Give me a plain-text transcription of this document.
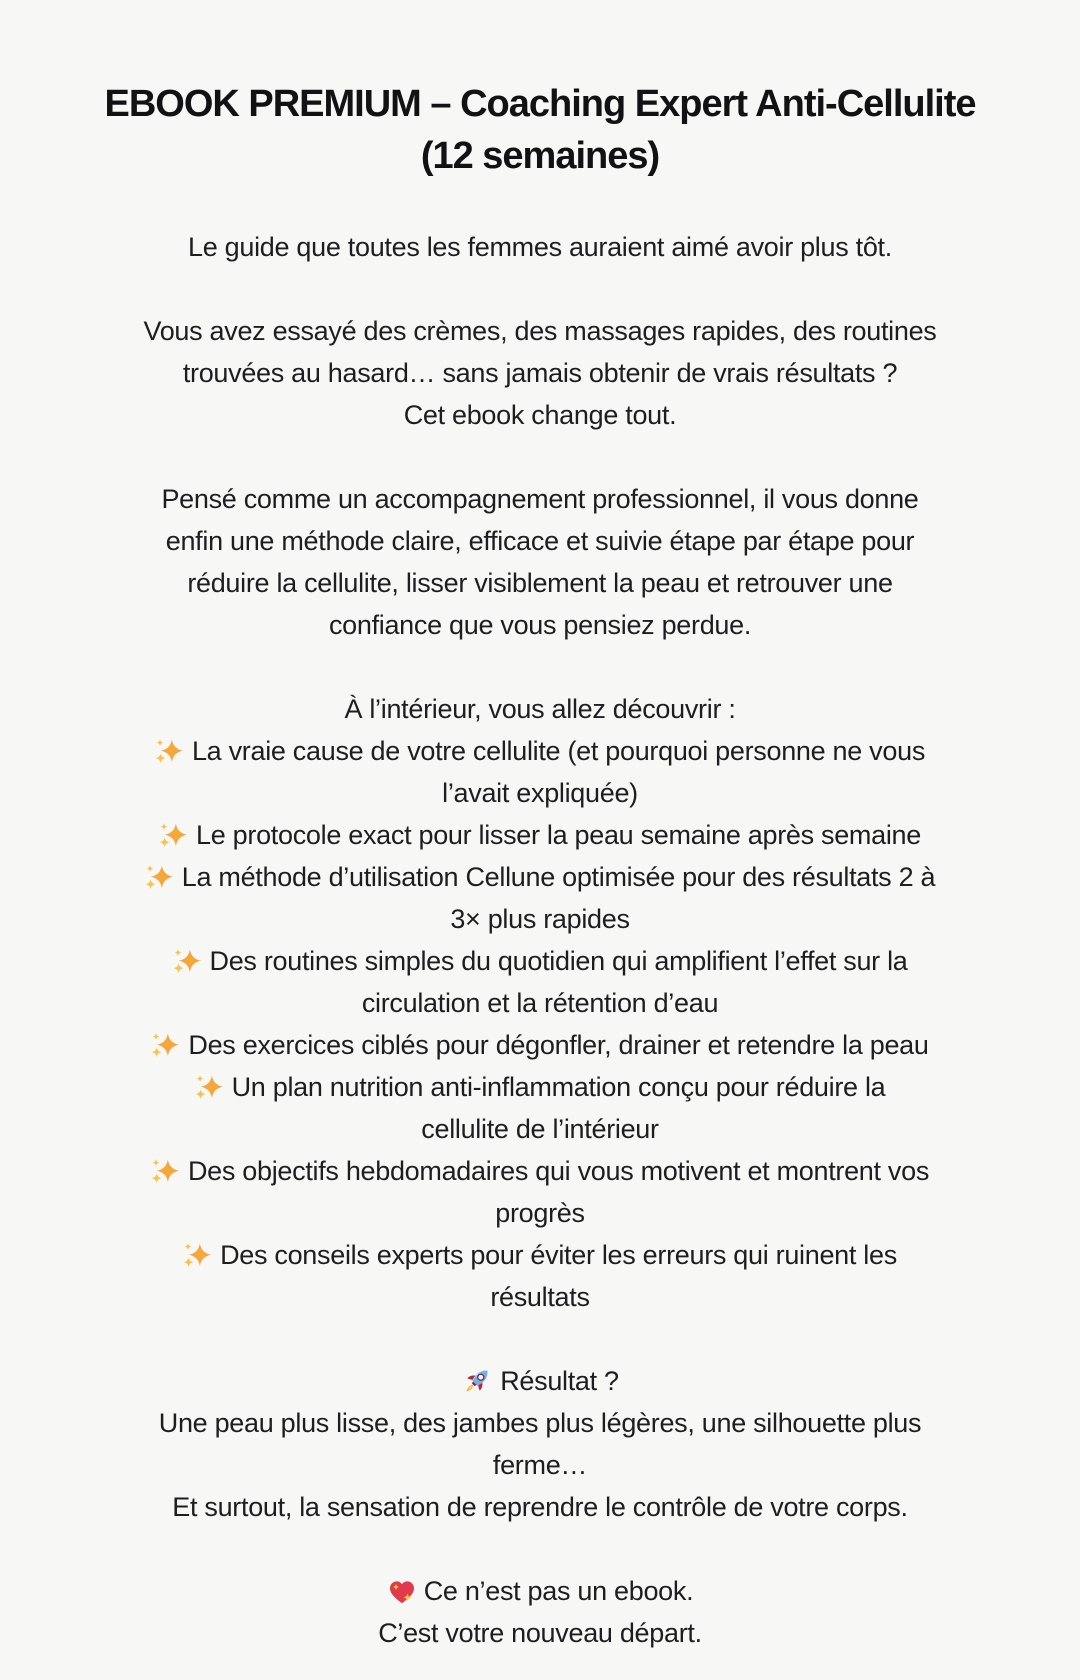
EBOOK PREMIUM – Coaching Expert Anti-Cellulite
(12 semaines)

Le guide que toutes les femmes auraient aimé avoir plus tôt.

Vous avez essayé des crèmes, des massages rapides, des routines
trouvées au hasard… sans jamais obtenir de vrais résultats ?
Cet ebook change tout.

Pensé comme un accompagnement professionnel, il vous donne
enfin une méthode claire, efficace et suivie étape par étape pour
réduire la cellulite, lisser visiblement la peau et retrouver une
confiance que vous pensiez perdue.

À l’intérieur, vous allez découvrir :

La vraie cause de votre cellulite (et pourquoi personne ne vous
l’avait expliquée)

Le protocole exact pour lisser la peau semaine après semaine

La méthode d’utilisation Cellune optimisée pour des résultats 2 à
3× plus rapides

Des routines simples du quotidien qui amplifient l’effet sur la
circulation et la rétention d’eau

Des exercices ciblés pour dégonfler, drainer et retendre la peau

Un plan nutrition anti-inflammation conçu pour réduire la
cellulite de l’intérieur

Des objectifs hebdomadaires qui vous motivent et montrent vos
progrès

Des conseils experts pour éviter les erreurs qui ruinent les
résultats

Résultat ?

Une peau plus lisse, des jambes plus légères, une silhouette plus
ferme…
Et surtout, la sensation de reprendre le contrôle de votre corps.

Ce n’est pas un ebook.

C’est votre nouveau départ.
